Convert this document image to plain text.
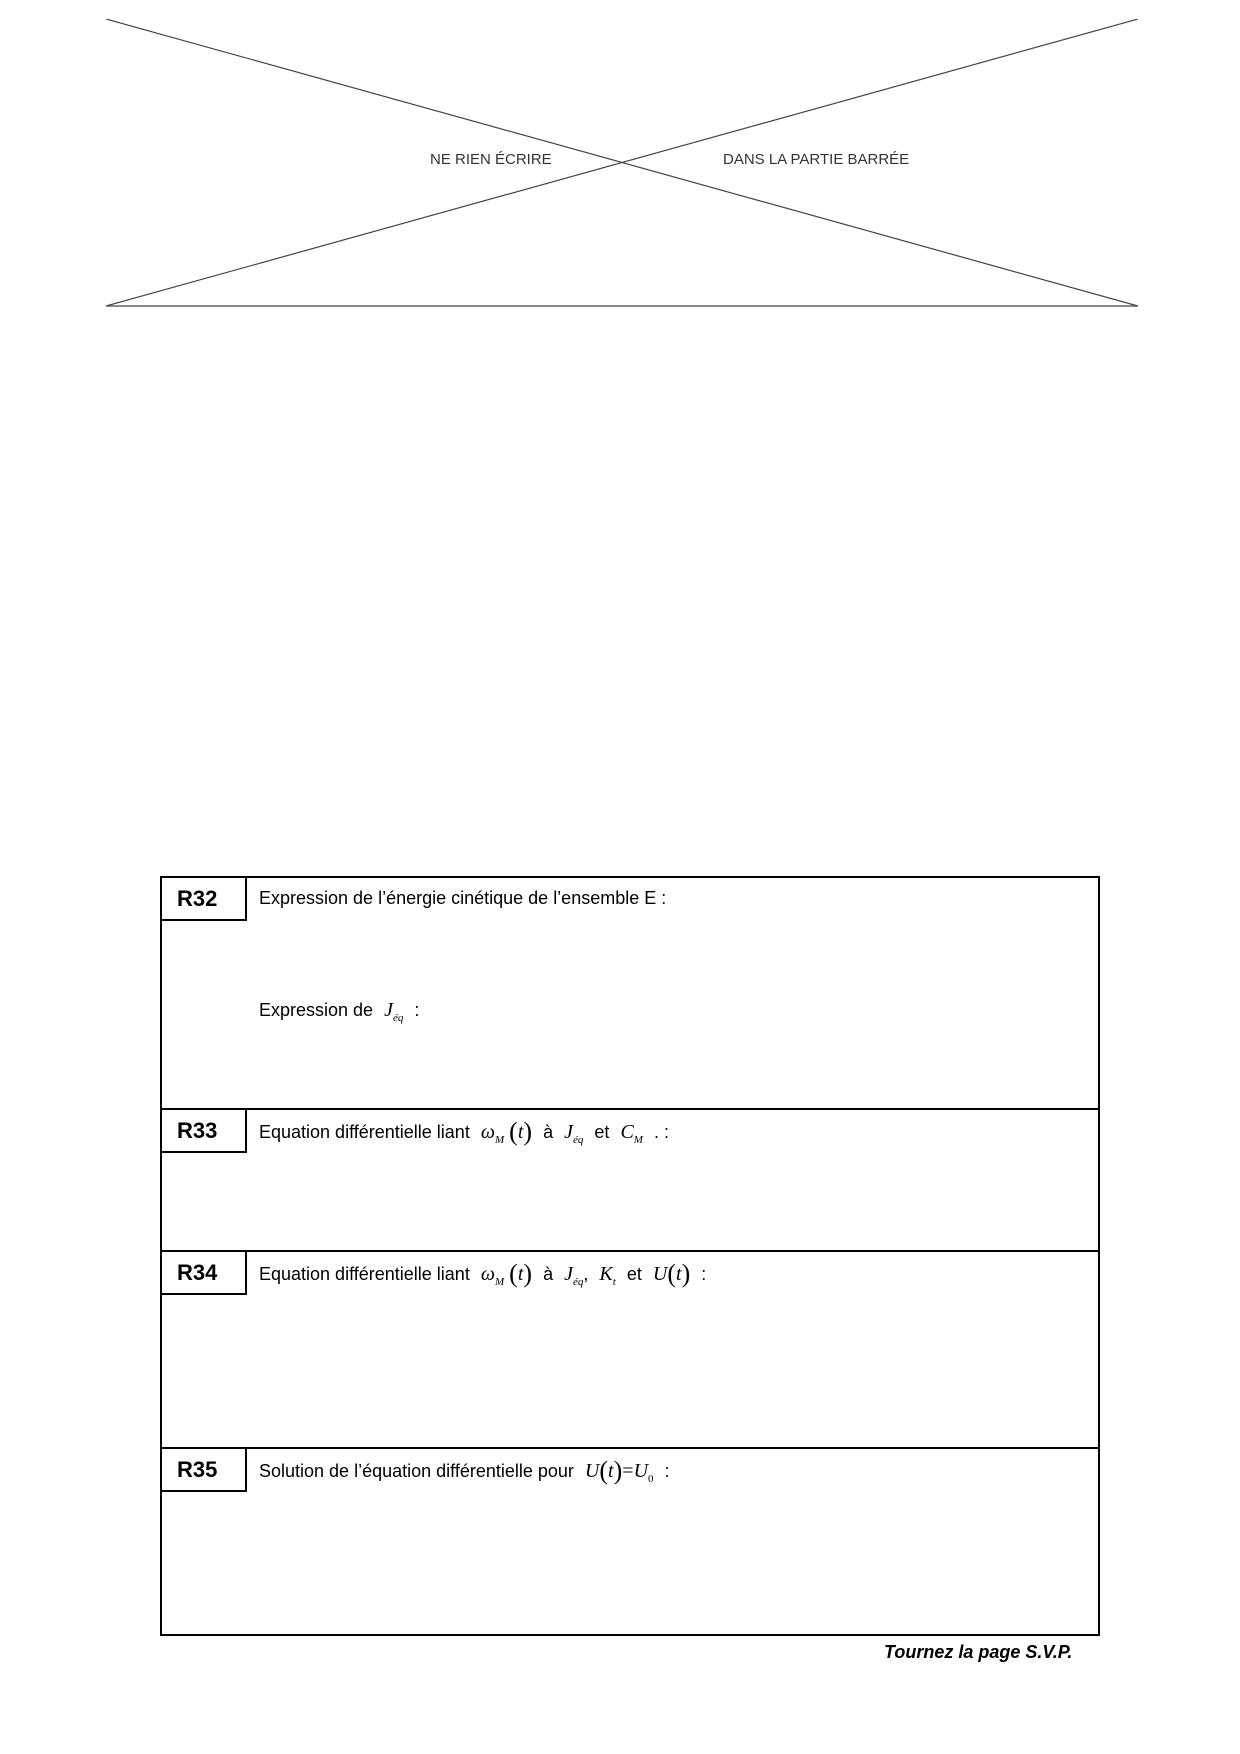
NE RIEN ÉCRIRE	DANS LA PARTIE BARRÉE
R32	Expression de l’énergie cinétique de l’ensemble E :
Expression de $J_{éq}$ :
R33	Equation différentielle liant $\omega_M$ (t) à $J_{éq}$ et $C_M$ . :
R34	Equation différentielle liant $\omega_M$ (t) à $J_{éq}$, $K_t$ et U(t) :
R35	Solution de l’équation différentielle pour $U(t)=U_0$ :
Tournez la page S.V.P.
